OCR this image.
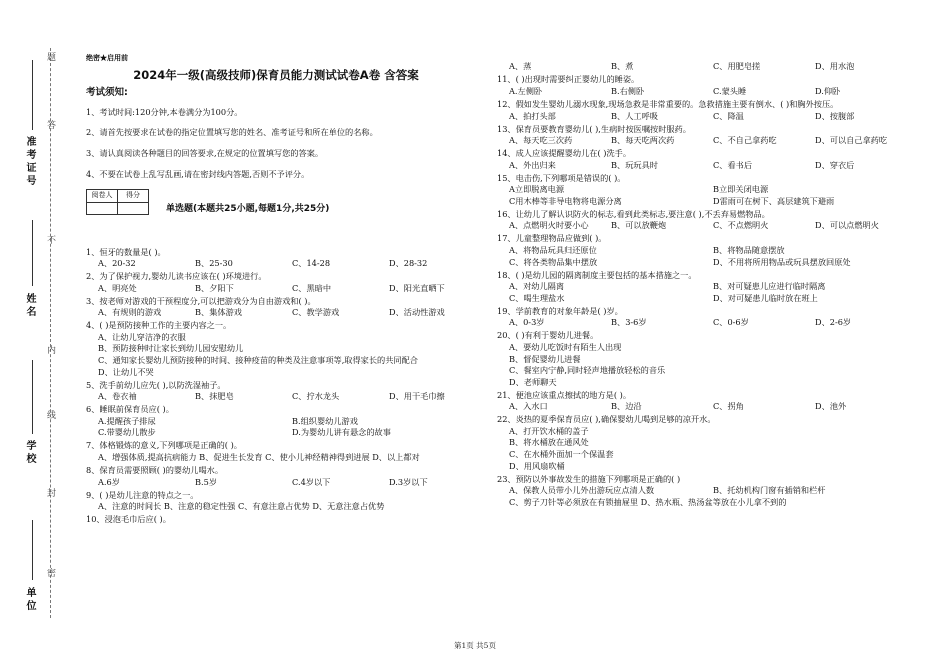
题
答
不
内
线
封
密
准考证号
姓名
学校
单位
绝密★启用前
2024年一级(高级技师)保育员能力测试试卷A卷 含答案
考试须知:
1、考试时间:120分钟,本卷满分为100分。
2、请首先按要求在试卷的指定位置填写您的姓名、准考证号和所在单位的名称。
3、请认真阅读各种题目的回答要求,在规定的位置填写您的答案。
4、不要在试卷上乱写乱画,请在密封线内答题,否则不予评分。
阅卷人	得分

单选题(本题共25小题,每题1分,共25分)
1、恒牙的数量是( )。
A、20-32	B、25-30	C、14-28	D、28-32
2、为了保护视力,婴幼儿读书应该在( )环境进行。
A、明亮处	B、夕阳下	C、黑暗中	D、阳光直晒下
3、按老师对游戏的干预程度分,可以把游戏分为自由游戏和( )。
A、有规则的游戏	B、集体游戏	C、教学游戏	D、活动性游戏
4、( )是预防接种工作的主要内容之一。
A、让幼儿穿洁净的衣服
B、预防接种时让家长到幼儿园安慰幼儿
C、通知家长婴幼儿预防接种的时间、接种疫苗的种类及注意事项等,取得家长的共同配合
D、让幼儿不哭
5、洗手前幼儿应先( ),以防洗湿袖子。
A、卷衣袖	B、抹肥皂	C、拧水龙头	D、用干毛巾擦
6、睡眠前保育员应( )。
A.提醒孩子排尿	B.组织婴幼儿游戏
C.带婴幼儿散步	D.为婴幼儿讲有悬念的故事
7、体格锻炼的意义,下列哪项是正确的( )。
A、增强体质,提高抗病能力 B、促进生长发育 C、使小儿神经精神得到进展 D、以上都对
8、保育员需要照顾( )的婴幼儿喝水。
A.6岁	B.5岁	C.4岁以下	D.3岁以下
9、( )是幼儿注意的特点之一。
A、注意的时间长 B、注意的稳定性强 C、有意注意占优势 D、无意注意占优势
10、浸泡毛巾后应( )。
A、蒸	B、煮	C、用肥皂搓	D、用水泡
11、( )出现时需要纠正婴幼儿的睡姿。
A.左侧卧	B.右侧卧	C.蒙头睡	D.仰卧
12、假如发生婴幼儿溺水现象,现场急救是非常重要的。急救措施主要有倒水、( )和胸外按压。
A、拍打头部	B、人工呼吸	C、降温	D、按腹部
13、保育员要教育婴幼儿( ),生病时按医嘱按时服药。
A、每天吃三次药	B、每天吃两次药	C、不自己拿药吃	D、可以自己拿药吃
14、成人应该提醒婴幼儿在( )洗手。
A、外出归来	B、玩玩具时	C、看书后	D、穿衣后
15、电击伤,下列哪项是错误的( )。
A立即脱离电源	B立即关闭电源
C用木棒等非导电物将电源分离	D雷雨可在树下、高层建筑下避雨
16、让幼儿了解认识防火的标志,看到此类标志,要注意( ),不丢弃易燃物品。
A、点燃明火时要小心	B、可以放鞭炮	C、不点燃明火	D、可以点燃明火
17、儿童整理物品应做到( )。
A、将物品玩具归还原位	B、将物品随意摆放
C、将各类物品集中摆放	D、不用将所用物品或玩具摆放回原处
18、( )是幼儿园的隔离制度主要包括的基本措施之一。
A、对幼儿隔离	B、对可疑患儿应进行临时隔离
C、喝生理盐水	D、对可疑患儿临时放在班上
19、学前教育的对象年龄是( )岁。
A、0-3岁	B、3-6岁	C、0-6岁	D、2-6岁
20、( )有利于婴幼儿进餐。
A、要幼儿吃饭时有陌生人出现
B、督促婴幼儿进餐
C、餐室内宁静,同时轻声地播放轻松的音乐
D、老师聊天
21、便池应该重点擦拭的地方是( )。
A、入水口	B、边沿	C、拐角	D、池外
22、炎热的夏季保育员应( ),确保婴幼儿喝到足够的凉开水。
A、打开饮水桶的盖子
B、将水桶放在通风处
C、在水桶外面加一个保温套
D、用风扇吹桶
23、预防以外事故发生的措施下列哪项是正确的( )
A、保教人员带小儿外出游玩应点清人数	B、托幼机构门窗有插销和栏杆
C、剪子刀针等必须放在有锁抽屉里 D、热水瓶、热汤盆等放在小儿拿不到的
第1页 共5页
